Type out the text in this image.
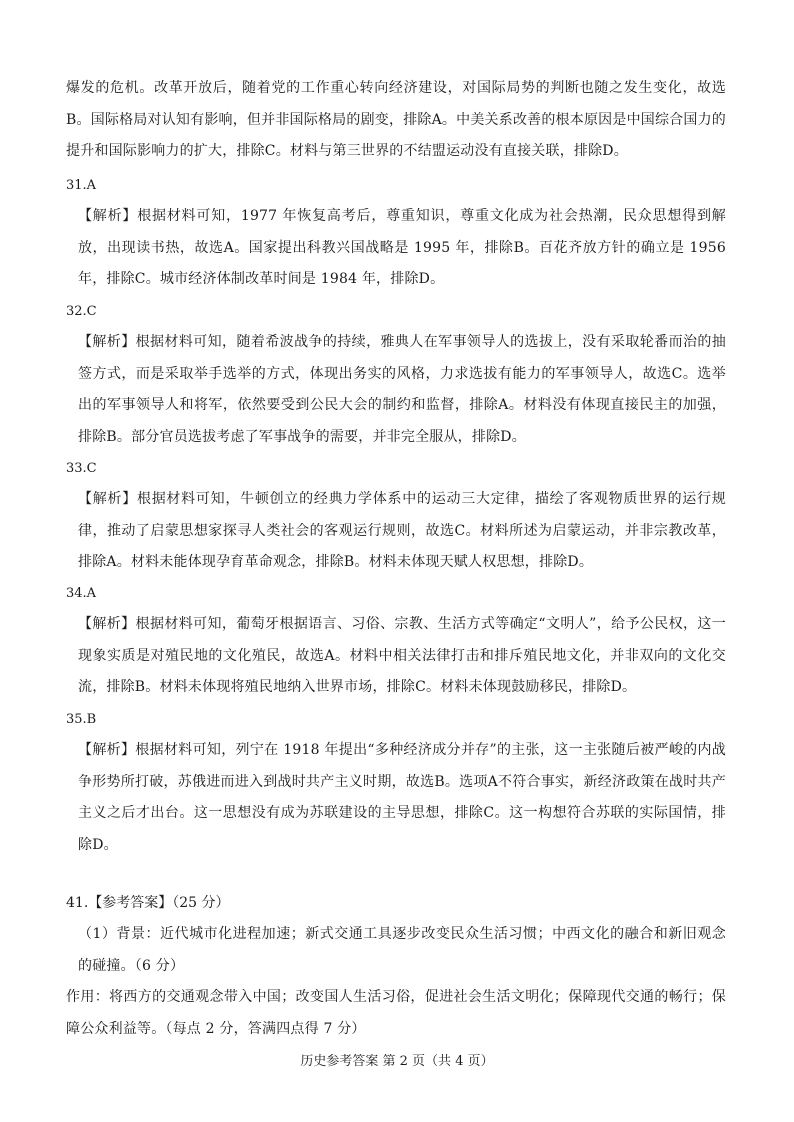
爆发的危机。改革开放后，随着党的工作重心转向经济建设，对国际局势的判断也随之发生变化，故选B。国际格局对认知有影响，但并非国际格局的剧变，排除A。中美关系改善的根本原因是中国综合国力的提升和国际影响力的扩大，排除C。材料与第三世界的不结盟运动没有直接关联，排除D。

31.A

【解析】根据材料可知，1977 年恢复高考后，尊重知识，尊重文化成为社会热潮，民众思想得到解放，出现读书热，故选A。国家提出科教兴国战略是 1995 年，排除B。百花齐放方针的确立是 1956 年，排除C。城市经济体制改革时间是 1984 年，排除D。

32.C

【解析】根据材料可知，随着希波战争的持续，雅典人在军事领导人的选拔上，没有采取轮番而治的抽签方式，而是采取举手选举的方式，体现出务实的风格，力求选拔有能力的军事领导人，故选C。选举出的军事领导人和将军，依然要受到公民大会的制约和监督，排除A。材料没有体现直接民主的加强，排除B。部分官员选拔考虑了军事战争的需要，并非完全服从，排除D。

33.C

【解析】根据材料可知，牛顿创立的经典力学体系中的运动三大定律，描绘了客观物质世界的运行规律，推动了启蒙思想家探寻人类社会的客观运行规则，故选C。材料所述为启蒙运动，并非宗教改革，排除A。材料未能体现孕育革命观念，排除B。材料未体现天赋人权思想，排除D。

34.A

【解析】根据材料可知，葡萄牙根据语言、习俗、宗教、生活方式等确定“文明人”，给予公民权，这一现象实质是对殖民地的文化殖民，故选A。材料中相关法律打击和排斥殖民地文化，并非双向的文化交流，排除B。材料未体现将殖民地纳入世界市场，排除C。材料未体现鼓励移民，排除D。

35.B

【解析】根据材料可知，列宁在 1918 年提出“多种经济成分并存”的主张，这一主张随后被严峻的内战争形势所打破，苏俄进而进入到战时共产主义时期，故选B。选项A不符合事实，新经济政策在战时共产主义之后才出台。这一思想没有成为苏联建设的主导思想，排除C。这一构想符合苏联的实际国情，排除D。

41.【参考答案】（25 分）

（1）背景：近代城市化进程加速；新式交通工具逐步改变民众生活习惯；中西文化的融合和新旧观念的碰撞。（6 分）

作用：将西方的交通观念带入中国；改变国人生活习俗，促进社会生活文明化；保障现代交通的畅行；保障公众利益等。（每点 2 分，答满四点得 7 分）

历史参考答案 第 2 页（共 4 页）
